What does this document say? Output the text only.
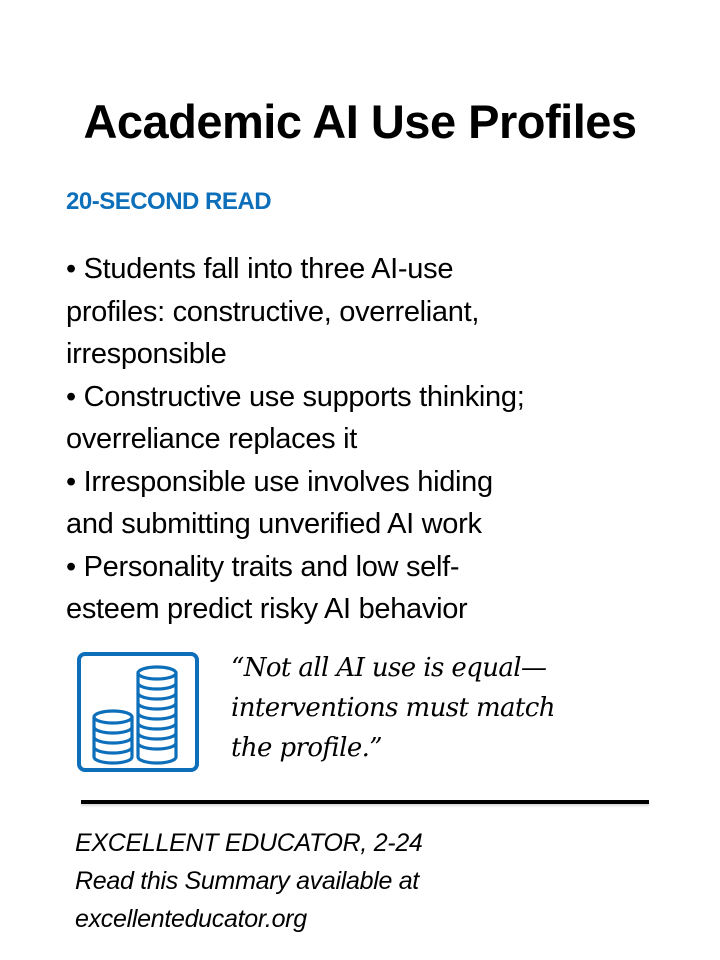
Academic AI Use Profiles
20-SECOND READ
• Students fall into three AI-use
profiles: constructive, overreliant,
irresponsible
• Constructive use supports thinking;
overreliance replaces it
• Irresponsible use involves hiding
and submitting unverified AI work
• Personality traits and low self-
esteem predict risky AI behavior
“Not all AI use is equal—
interventions must match
the profile.”
EXCELLENT EDUCATOR, 2-24
Read this Summary available at
excellenteducator.org
